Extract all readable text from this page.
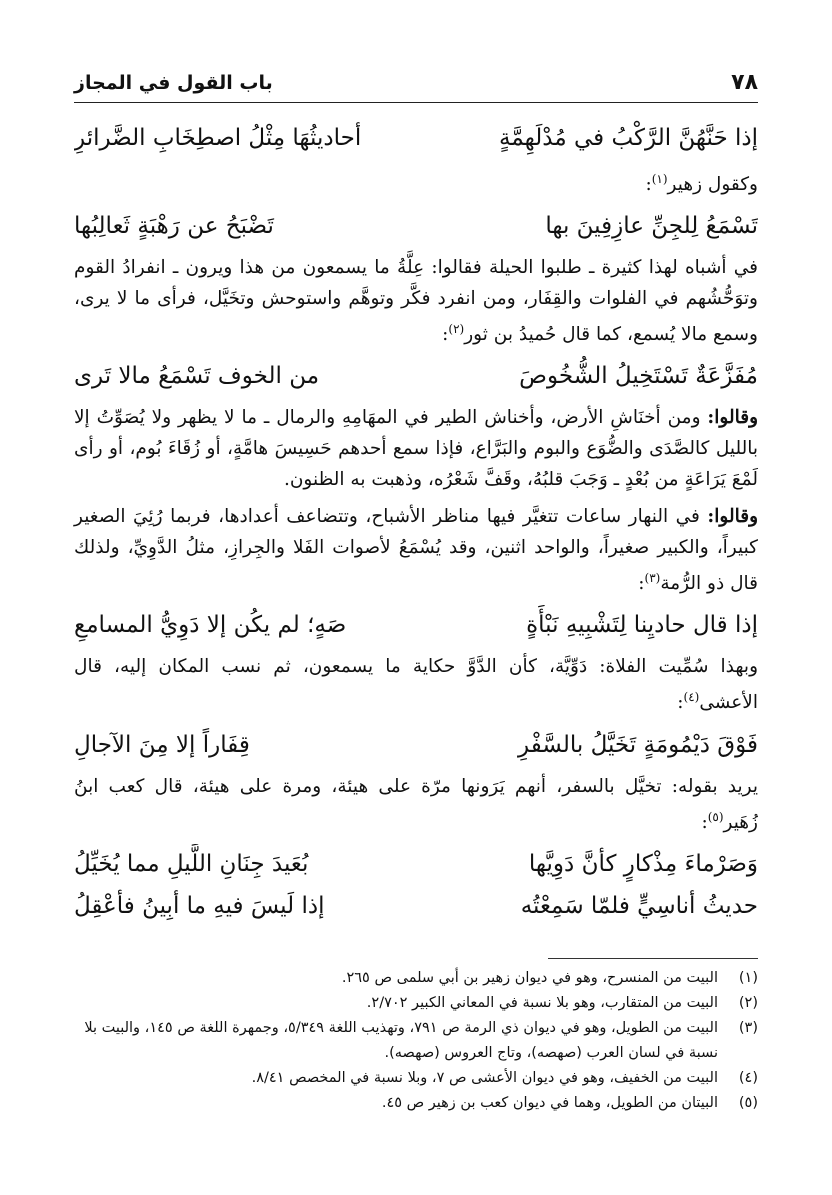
٧٨
باب القول في المجاز
إذا حَنَّهُنَّ الرَّكْبُ في مُدْلَهِمَّةٍ
أحاديثُهَا مِثْلُ اصطِخَابِ الضَّرائرِ
وكقول زهير$^{(١)}$:
تَسْمَعُ لِلجِنِّ عازِفِينَ بها
تَضْبَحُ عن رَهْبَةٍ ثَعالِبُها
في أشباه لهذا كثيرة ـ طلبوا الحيلة فقالوا: عِلَّةُ ما يسمعون من هذا ويرون ـ انفرادُ القوم وتوَحُّشُهم في الفلوات والقِفَار، ومن انفرد فكَّر وتوهَّم واستوحش وتخَيَّل، فرأى ما لا يرى، وسمع مالا يُسمع، كما قال حُميدُ بن ثور$^{(٢)}$:
مُفَزَّعَةٌ تَسْتَخِيلُ الشُّخُوصَ
من الخوف تَسْمَعُ مالا تَرى
وقالوا: ومن أخنَاشِ الأرض، وأخناش الطير في المهَامِهِ والرمال ـ ما لا يظهر ولا يُصَوِّتُ إلا بالليل كالصَّدَى والضُّوَع والبوم والبَرَّاع، فإذا سمع أحدهم حَسِيسَ هامَّةٍ، أو زُقَاءَ بُوم، أو رأى لَمْعَ يَرَاعَةٍ من بُعْدٍ ـ وَجَبَ قلبُهُ، وقَفَّ شَعْرُه، وذهبت به الظنون.
وقالوا: في النهار ساعات تتغيَّر فيها مناظر الأشباح، وتتضاعف أعدادها، فربما رُئِيَ الصغير كبيراً، والكبير صغيراً، والواحد اثنين، وقد يُسْمَعُ لأصوات الفَلا والجِرازِ، مثلُ الدَّوِيِّ، ولذلك قال ذو الرُّمة$^{(٣)}$:
إذا قال حاديِنا لِتَشْبِيهِ نَبْأَةٍ
صَهٍ؛ لم يكُن إلا دَوِيُّ المسامعِ
وبهذا سُمِّيت الفلاة: دَوِّيَّة، كأن الدَّوَّ حكاية ما يسمعون، ثم نسب المكان إليه، قال الأعشى$^{(٤)}$:
فَوْقَ دَيْمُومَةٍ تَخَيَّلُ بالسَّفْرِ
قِفَاراً إلا مِنَ الآجالِ
يريد بقوله: تخيَّل بالسفر، أنهم يَرَونها مرّة على هيئة، ومرة على هيئة، قال كعب ابنُ زُهَير$^{(٥)}$:
وَصَرْماءَ مِذْكارٍ كأنَّ دَوِيَّها
بُعَيدَ جِنَانِ اللَّيلِ مما يُخَيِّلُ
حديثُ أناسِيٍّ فلمّا سَمِعْتُه
إذا لَيسَ فيهِ ما أبِينُ فأعْقِلُ
(١)
البيت من المنسرح، وهو في ديوان زهير بن أبي سلمى ص ٢٦٥.
(٢)
البيت من المتقارب، وهو بلا نسبة في المعاني الكبير ٢/٧٠٢.
(٣)
البيت من الطويل، وهو في ديوان ذي الرمة ص ٧٩١، وتهذيب اللغة ٥/٣٤٩، وجمهرة اللغة ص ١٤٥، والبيت بلا نسبة في لسان العرب (صهصه)، وتاج العروس (صهصه).
(٤)
البيت من الخفيف، وهو في ديوان الأعشى ص ٧، وبلا نسبة في المخصص ٨/٤١.
(٥)
البيتان من الطويل، وهما في ديوان كعب بن زهير ص ٤٥.
